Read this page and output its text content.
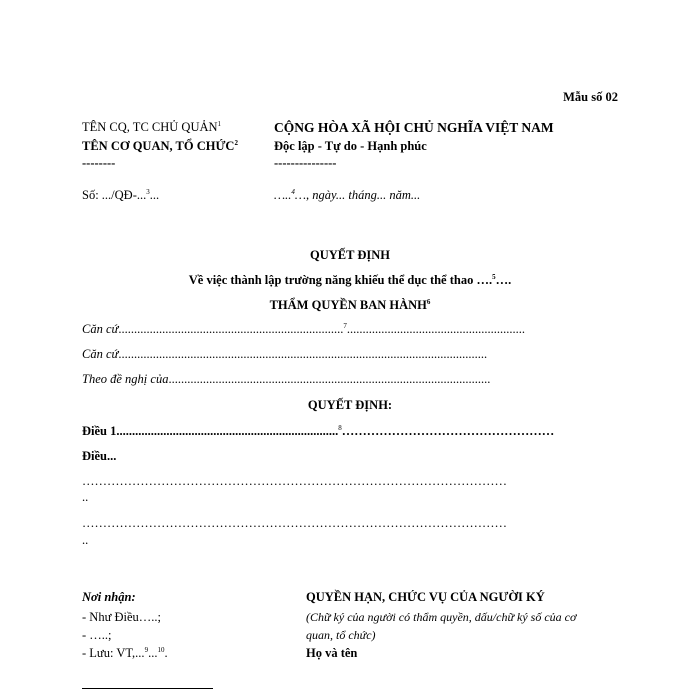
Mẫu số 02
TÊN CQ, TC CHỦ QUẢN$^1$
TÊN CƠ QUAN, TỔ CHỨC$^2$
--------
Số: .../QĐ-...$^3$...
CỘNG HÒA XÃ HỘI CHỦ NGHĨA VIỆT NAM
Độc lập - Tự do - Hạnh phúc
---------------
…..$^4$…, ngày... tháng... năm...
QUYẾT ĐỊNH
Về việc thành lập trường năng khiếu thể dục thể thao ….$^5$….
THẨM QUYỀN BAN HÀNH$^6$
Căn cứ........................................................................$^7$.........................................................
Căn cứ......................................................................................................................
Theo đề nghị của.......................................................................................................
QUYẾT ĐỊNH:
Điều 1.......................................................................$^8$……………………………………………
Điều...
…………………………………………………………………………………………
..
…………………………………………………………………………………………
..
Nơi nhận:
- Như Điều…..;
- …..;
- Lưu: VT,...$^9$...$^{10}$.
QUYỀN HẠN, CHỨC VỤ CỦA NGƯỜI KÝ
(Chữ ký của người có thẩm quyền, dấu/chữ ký số của cơ
quan, tổ chức)
Họ và tên
